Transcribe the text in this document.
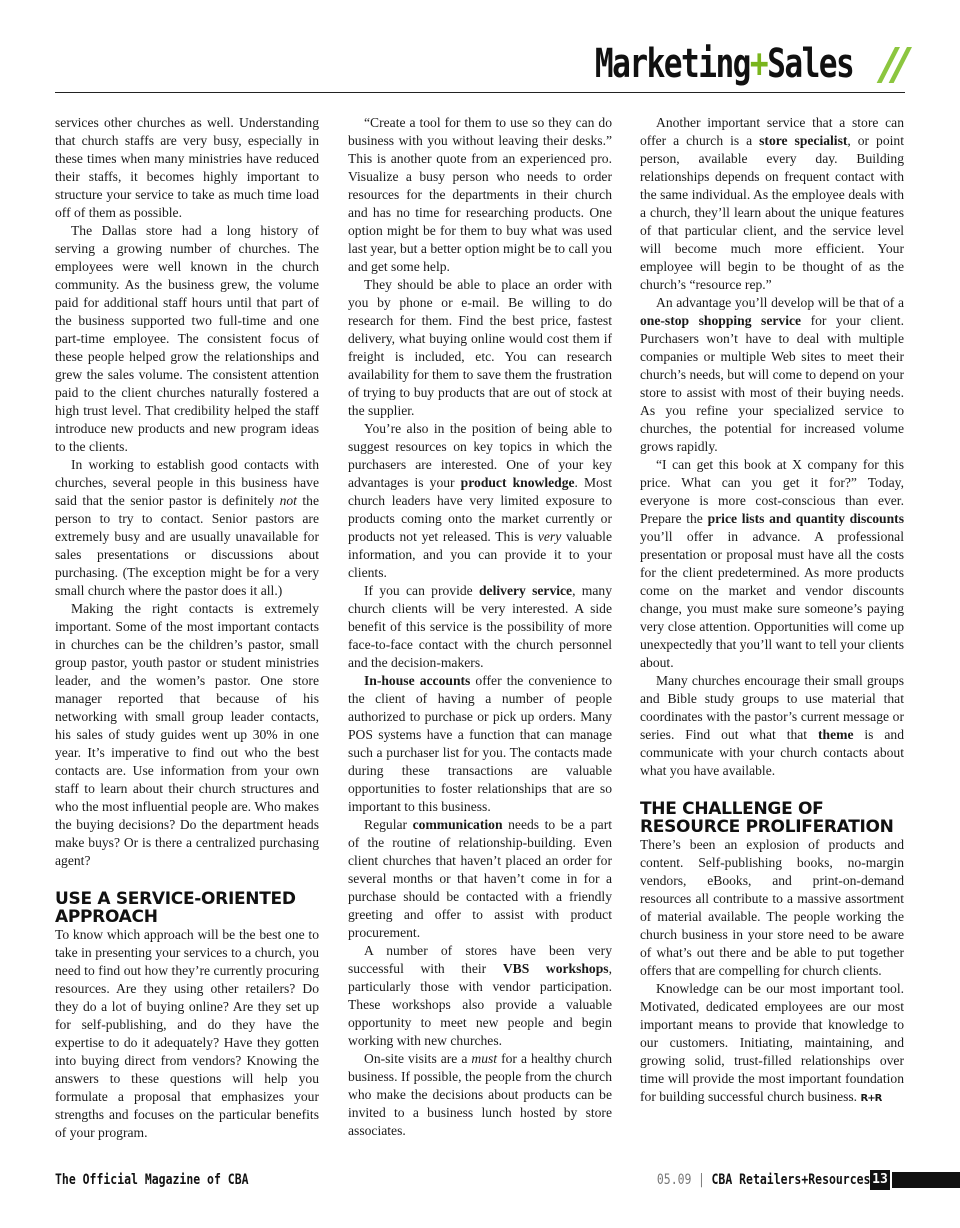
Marketing+Sales //

services other churches as well. Understanding that church staffs are very busy, especially in these times when many ministries have reduced their staffs, it becomes highly important to structure your service to take as much time load off of them as possible.

The Dallas store had a long history of serving a growing number of churches. The employees were well known in the church community. As the business grew, the volume paid for additional staff hours until that part of the business supported two full-time and one part-time employee. The consistent focus of these people helped grow the relationships and grew the sales volume. The consistent attention paid to the client churches naturally fostered a high trust level. That credibility helped the staff introduce new products and new program ideas to the clients.

In working to establish good contacts with churches, several people in this business have said that the senior pastor is definitely not the person to try to contact. Senior pastors are extremely busy and are usually unavailable for sales presentations or discussions about purchasing. (The exception might be for a very small church where the pastor does it all.)

Making the right contacts is extremely important. Some of the most important contacts in churches can be the children’s pastor, small group pastor, youth pastor or student ministries leader, and the women’s pastor. One store manager reported that because of his networking with small group leader contacts, his sales of study guides went up 30% in one year. It’s imperative to find out who the best contacts are. Use information from your own staff to learn about their church structures and who the most influential people are. Who makes the buying decisions? Do the department heads make buys? Or is there a centralized purchasing agent?

USE A SERVICE-ORIENTED APPROACH

To know which approach will be the best one to take in presenting your services to a church, you need to find out how they’re currently procuring resources. Are they using other retailers? Do they do a lot of buying online? Are they set up for self-publishing, and do they have the expertise to do it adequately? Have they gotten into buying direct from vendors? Knowing the answers to these questions will help you formulate a proposal that emphasizes your strengths and focuses on the particular benefits of your program.

“Create a tool for them to use so they can do business with you without leaving their desks.” This is another quote from an experienced pro. Visualize a busy person who needs to order resources for the departments in their church and has no time for researching products. One option might be for them to buy what was used last year, but a better option might be to call you and get some help.

They should be able to place an order with you by phone or e-mail. Be willing to do research for them. Find the best price, fastest delivery, what buying online would cost them if freight is included, etc. You can research availability for them to save them the frustration of trying to buy products that are out of stock at the supplier.

You’re also in the position of being able to suggest resources on key topics in which the purchasers are interested. One of your key advantages is your product knowledge. Most church leaders have very limited exposure to products coming onto the market currently or products not yet released. This is very valuable information, and you can provide it to your clients.

If you can provide delivery service, many church clients will be very interested. A side benefit of this service is the possibility of more face-to-face contact with the church personnel and the decision-makers.

In-house accounts offer the convenience to the client of having a number of people authorized to purchase or pick up orders. Many POS systems have a function that can manage such a purchaser list for you. The contacts made during these transactions are valuable opportunities to foster relationships that are so important to this business.

Regular communication needs to be a part of the routine of relationship-building. Even client churches that haven’t placed an order for several months or that haven’t come in for a purchase should be contacted with a friendly greeting and offer to assist with product procurement.

A number of stores have been very successful with their VBS workshops, particularly those with vendor participation. These workshops also provide a valuable opportunity to meet new people and begin working with new churches.

On-site visits are a must for a healthy church business. If possible, the people from the church who make the decisions about products can be invited to a business lunch hosted by store associates.

Another important service that a store can offer a church is a store specialist, or point person, available every day. Building relationships depends on frequent contact with the same individual. As the employee deals with a church, they’ll learn about the unique features of that particular client, and the service level will become much more efficient. Your employee will begin to be thought of as the church’s “resource rep.”

An advantage you’ll develop will be that of a one-stop shopping service for your client. Purchasers won’t have to deal with multiple companies or multiple Web sites to meet their church’s needs, but will come to depend on your store to assist with most of their buying needs. As you refine your specialized service to churches, the potential for increased volume grows rapidly.

“I can get this book at X company for this price. What can you get it for?” Today, everyone is more cost-conscious than ever. Prepare the price lists and quantity discounts you’ll offer in advance. A professional presentation or proposal must have all the costs for the client predetermined. As more products come on the market and vendor discounts change, you must make sure someone’s paying very close attention. Opportunities will come up unexpectedly that you’ll want to tell your clients about.

Many churches encourage their small groups and Bible study groups to use material that coordinates with the pastor’s current message or series. Find out what that theme is and communicate with your church contacts about what you have available.

THE CHALLENGE OF RESOURCE PROLIFERATION

There’s been an explosion of products and content. Self-publishing books, no-margin vendors, eBooks, and print-on-demand resources all contribute to a massive assortment of material available. The people working the church business in your store need to be aware of what’s out there and be able to put together offers that are compelling for church clients.

Knowledge can be our most important tool. Motivated, dedicated employees are our most important means to provide that knowledge to our customers. Initiating, maintaining, and growing solid, trust-filled relationships over time will provide the most important foundation for building successful church business. R+R

The Official Magazine of CBA	05.09 | CBA Retailers+Resources 13
